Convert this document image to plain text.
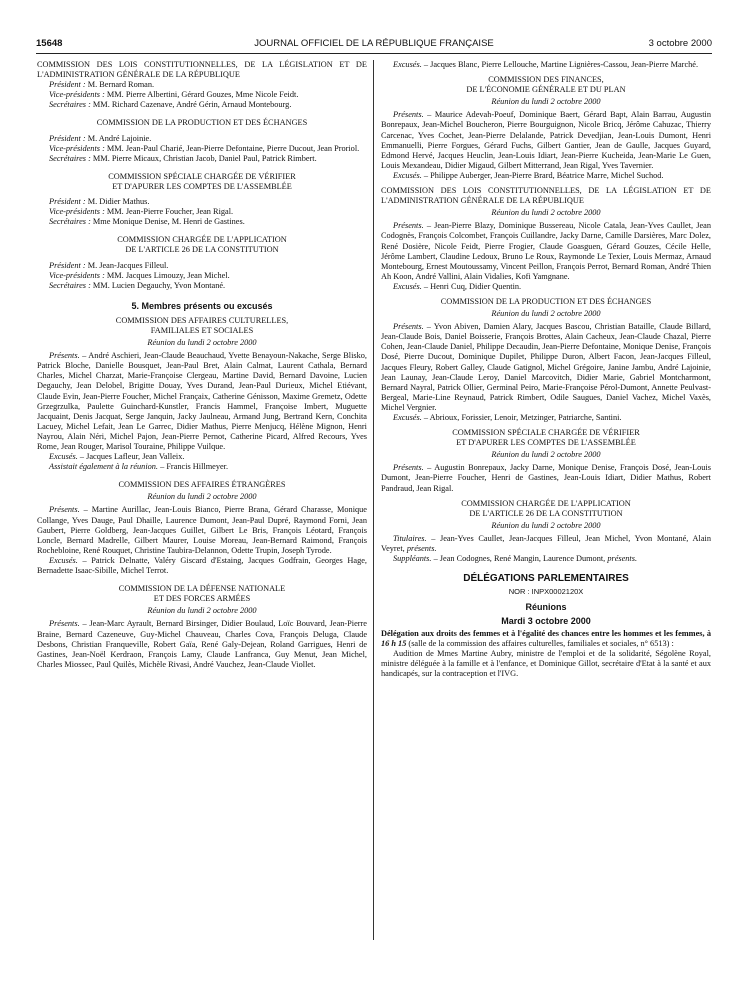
15648	JOURNAL OFFICIEL DE LA RÉPUBLIQUE FRANÇAISE	3 octobre 2000

COMMISSION DES LOIS CONSTITUTIONNELLES, DE LA LÉGISLATION ET DE L'ADMINISTRATION GÉNÉRALE DE LA RÉPUBLIQUE

Président : M. Bernard Roman.

Vice-présidents : MM. Pierre Albertini, Gérard Gouzes, Mme Nicole Feidt.

Secrétaires : MM. Richard Cazenave, André Gérin, Arnaud Montebourg.

COMMISSION DE LA PRODUCTION ET DES ÉCHANGES

Président : M. André Lajoinie.

Vice-présidents : MM. Jean-Paul Charié, Jean-Pierre Defontaine, Pierre Ducout, Jean Proriol.

Secrétaires : MM. Pierre Micaux, Christian Jacob, Daniel Paul, Patrick Rimbert.

COMMISSION SPÉCIALE CHARGÉE DE VÉRIFIER

ET D'APURER LES COMPTES DE L'ASSEMBLÉE

Président : M. Didier Mathus.

Vice-présidents : MM. Jean-Pierre Foucher, Jean Rigal.

Secrétaires : Mme Monique Denise, M. Henri de Gastines.

COMMISSION CHARGÉE DE L'APPLICATION

DE L'ARTICLE 26 DE LA CONSTITUTION

Président : M. Jean-Jacques Filleul.

Vice-présidents : MM. Jacques Limouzy, Jean Michel.

Secrétaires : MM. Lucien Degauchy, Yvon Montané.

5. Membres présents ou excusés

COMMISSION DES AFFAIRES CULTURELLES,

FAMILIALES ET SOCIALES

Réunion du lundi 2 octobre 2000

Présents. – André Aschieri, Jean-Claude Beauchaud, Yvette Benayoun-Nakache, Serge Blisko, Patrick Bloche, Danielle Bousquet, Jean-Paul Bret, Alain Calmat, Laurent Cathala, Bernard Charles, Michel Charzat, Marie-Françoise Clergeau, Martine David, Bernard Davoine, Lucien Degauchy, Jean Delobel, Brigitte Douay, Yves Durand, Jean-Paul Durieux, Michel Etiévant, Claude Evin, Jean-Pierre Foucher, Michel Françaix, Catherine Génisson, Maxime Gremetz, Odette Grzegrzulka, Paulette Guinchard-Kunstler, Francis Hammel, Françoise Imbert, Muguette Jacquaint, Denis Jacquat, Serge Janquin, Jacky Jaulneau, Armand Jung, Bertrand Kern, Conchita Lacuey, Michel Lefait, Jean Le Garrec, Didier Mathus, Pierre Menjucq, Hélène Mignon, Henri Nayrou, Alain Néri, Michel Pajon, Jean-Pierre Pernot, Catherine Picard, Alfred Recours, Yves Rome, Jean Rouger, Marisol Touraine, Philippe Vuilque.

Excusés. – Jacques Lafleur, Jean Valleix.

Assistait également à la réunion. – Francis Hillmeyer.

COMMISSION DES AFFAIRES ÉTRANGÈRES

Réunion du lundi 2 octobre 2000

Présents. – Martine Aurillac, Jean-Louis Bianco, Pierre Brana, Gérard Charasse, Monique Collange, Yves Dauge, Paul Dhaille, Laurence Dumont, Jean-Paul Dupré, Raymond Forni, Jean Gaubert, Pierre Goldberg, Jean-Jacques Guillet, Gilbert Le Bris, François Léotard, François Loncle, Bernard Madrelle, Gilbert Maurer, Louise Moreau, Jean-Bernard Raimond, François Rochebloine, René Rouquet, Christine Taubira-Delannon, Odette Trupin, Joseph Tyrode.

Excusés. – Patrick Delnatte, Valéry Giscard d'Estaing, Jacques Godfrain, Georges Hage, Bernadette Isaac-Sibille, Michel Terrot.

COMMISSION DE LA DÉFENSE NATIONALE

ET DES FORCES ARMÉES

Réunion du lundi 2 octobre 2000

Présents. – Jean-Marc Ayrault, Bernard Birsinger, Didier Boulaud, Loïc Bouvard, Jean-Pierre Braine, Bernard Cazeneuve, Guy-Michel Chauveau, Charles Cova, François Deluga, Claude Desbons, Christian Franqueville, Robert Gaïa, René Galy-Dejean, Roland Garrigues, Henri de Gastines, Jean-Noël Kerdraon, François Lamy, Claude Lanfranca, Guy Menut, Jean Michel, Charles Miossec, Paul Quilès, Michèle Rivasi, André Vauchez, Jean-Claude Viollet.

Excusés. – Jacques Blanc, Pierre Lellouche, Martine Lignières-Cassou, Jean-Pierre Marché.

COMMISSION DES FINANCES,

DE L'ÉCONOMIE GÉNÉRALE ET DU PLAN

Réunion du lundi 2 octobre 2000

Présents. – Maurice Adevah-Poeuf, Dominique Baert, Gérard Bapt, Alain Barrau, Augustin Bonrepaux, Jean-Michel Boucheron, Pierre Bourguignon, Nicole Bricq, Jérôme Cahuzac, Thierry Carcenac, Yves Cochet, Jean-Pierre Delalande, Patrick Devedjian, Jean-Louis Dumont, Henri Emmanuelli, Pierre Forgues, Gérard Fuchs, Gilbert Gantier, Jean de Gaulle, Jacques Guyard, Edmond Hervé, Jacques Heuclin, Jean-Louis Idiart, Jean-Pierre Kucheida, Jean-Marie Le Guen, Louis Mexandeau, Didier Migaud, Gilbert Mitterrand, Jean Rigal, Yves Tavernier.

Excusés. – Philippe Auberger, Jean-Pierre Brard, Béatrice Marre, Michel Suchod.

COMMISSION DES LOIS CONSTITUTIONNELLES, DE LA LÉGISLATION ET DE L'ADMINISTRATION GÉNÉRALE DE LA RÉPUBLIQUE

Réunion du lundi 2 octobre 2000

Présents. – Jean-Pierre Blazy, Dominique Bussereau, Nicole Catala, Jean-Yves Caullet, Jean Codognès, François Colcombet, François Cuillandre, Jacky Darne, Camille Darsières, Marc Dolez, René Dosière, Nicole Feidt, Pierre Frogier, Claude Goasguen, Gérard Gouzes, Cécile Helle, Jérôme Lambert, Claudine Ledoux, Bruno Le Roux, Raymonde Le Texier, Louis Mermaz, Arnaud Montebourg, Ernest Moutoussamy, Vincent Peillon, François Perrot, Bernard Roman, André Thien Ah Koon, André Vallini, Alain Vidalies, Kofi Yamgnane.

Excusés. – Henri Cuq, Didier Quentin.

COMMISSION DE LA PRODUCTION ET DES ÉCHANGES

Réunion du lundi 2 octobre 2000

Présents. – Yvon Abiven, Damien Alary, Jacques Bascou, Christian Bataille, Claude Billard, Jean-Claude Bois, Daniel Boisserie, François Brottes, Alain Cacheux, Jean-Claude Chazal, Pierre Cohen, Jean-Claude Daniel, Philippe Decaudin, Jean-Pierre Defontaine, Monique Denise, François Dosé, Pierre Ducout, Dominique Dupilet, Philippe Duron, Albert Facon, Jean-Jacques Filleul, Jacques Fleury, Robert Galley, Claude Gatignol, Michel Grégoire, Janine Jambu, André Lajoinie, Jean Launay, Jean-Claude Leroy, Daniel Marcovitch, Didier Marie, Gabriel Montcharmont, Bernard Nayral, Patrick Ollier, Germinal Peiro, Marie-Françoise Pérol-Dumont, Annette Peulvast-Bergeal, Marie-Line Reynaud, Patrick Rimbert, Odile Saugues, Daniel Vachez, Michel Vaxès, Michel Vergnier.

Excusés. – Abrioux, Forissier, Lenoir, Metzinger, Patriarche, Santini.

COMMISSION SPÉCIALE CHARGÉE DE VÉRIFIER

ET D'APURER LES COMPTES DE L'ASSEMBLÉE

Réunion du lundi 2 octobre 2000

Présents. – Augustin Bonrepaux, Jacky Darne, Monique Denise, François Dosé, Jean-Louis Dumont, Jean-Pierre Foucher, Henri de Gastines, Jean-Louis Idiart, Didier Mathus, Robert Pandraud, Jean Rigal.

COMMISSION CHARGÉE DE L'APPLICATION

DE L'ARTICLE 26 DE LA CONSTITUTION

Réunion du lundi 2 octobre 2000

Titulaires. – Jean-Yves Caullet, Jean-Jacques Filleul, Jean Michel, Yvon Montané, Alain Veyret, présents.

Suppléants. – Jean Codognes, René Mangin, Laurence Dumont, présents.

DÉLÉGATIONS PARLEMENTAIRES

NOR : INPX0002120X

Réunions

Mardi 3 octobre 2000

Délégation aux droits des femmes et à l'égalité des chances entre les hommes et les femmes, à 16 h 15 (salle de la commission des affaires culturelles, familiales et sociales, n° 6513) :

Audition de Mmes Martine Aubry, ministre de l'emploi et de la solidarité, Ségolène Royal, ministre déléguée à la famille et à l'enfance, et Dominique Gillot, secrétaire d'Etat à la santé et aux handicapés, sur la contraception et l'IVG.
